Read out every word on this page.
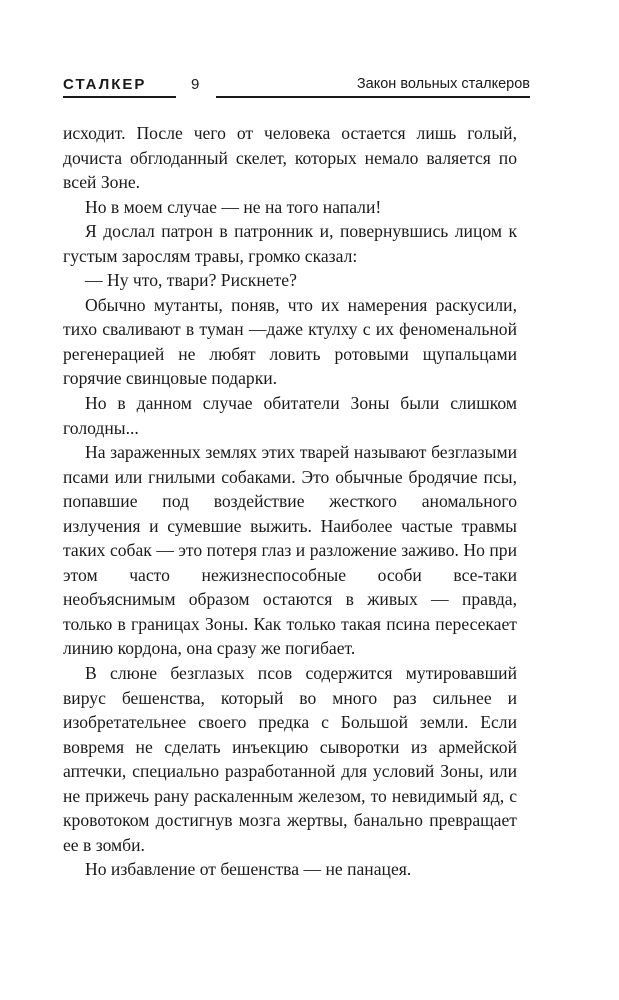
СТАЛКЕР	9	Закон вольных сталкеров

исходит. После чего от человека остается лишь голый, дочиста обглоданный скелет, которых немало валяется по всей Зоне.

Но в моем случае — не на того напали!

Я дослал патрон в патронник и, повернувшись лицом к густым зарослям травы, громко сказал:

— Ну что, твари? Рискнете?

Обычно мутанты, поняв, что их намерения раскусили, тихо сваливают в туман —даже ктулху с их феноменальной регенерацией не любят ловить ротовыми щупальцами горячие свинцовые подарки.

Но в данном случае обитатели Зоны были слишком голодны...

На зараженных землях этих тварей называют безглазыми псами или гнилыми собаками. Это обычные бродячие псы, попавшие под воздействие жесткого аномального излучения и сумевшие выжить. Наиболее частые травмы таких собак — это потеря глаз и разложение заживо. Но при этом часто нежизнеспособные особи все-таки необъяснимым образом остаются в живых — правда, только в границах Зоны. Как только такая псина пересекает линию кордона, она сразу же погибает.

В слюне безглазых псов содержится мутировавший вирус бешенства, который во много раз сильнее и изобретательнее своего предка с Большой земли. Если вовремя не сделать инъекцию сыворотки из армейской аптечки, специально разработанной для условий Зоны, или не прижечь рану раскаленным железом, то невидимый яд, с кровотоком достигнув мозга жертвы, банально превращает ее в зомби.

Но избавление от бешенства — не панацея.
